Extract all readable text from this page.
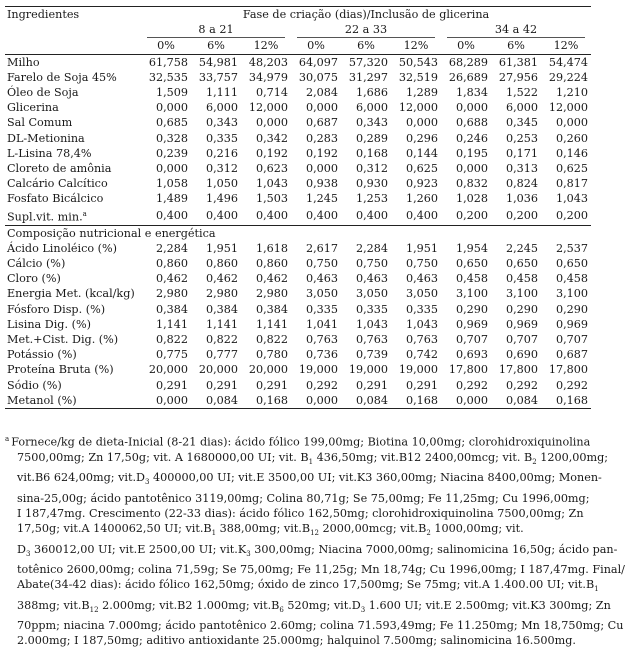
Ingredientes	Fase de criação (dias)/Inclusão de glicerina								

	8 a 21			22 a 33			34 a 42		

	0%	6%	12%	0%	6%	12%	0%	6%	12%
Milho	61,758	54,981	48,203	64,097	57,320	50,543	68,289	61,381	54,474
Farelo de Soja 45%	32,535	33,757	34,979	30,075	31,297	32,519	26,689	27,956	29,224
Óleo de Soja	1,509	1,111	0,714	2,084	1,686	1,289	1,834	1,522	1,210
Glicerina	0,000	6,000	12,000	0,000	6,000	12,000	0,000	6,000	12,000
Sal Comum	0,685	0,343	0,000	0,687	0,343	0,000	0,688	0,345	0,000
DL-Metionina	0,328	0,335	0,342	0,283	0,289	0,296	0,246	0,253	0,260
L-Lisina 78,4%	0,239	0,216	0,192	0,192	0,168	0,144	0,195	0,171	0,146
Cloreto de amônia	0,000	0,312	0,623	0,000	0,312	0,625	0,000	0,313	0,625
Calcário Calcítico	1,058	1,050	1,043	0,938	0,930	0,923	0,832	0,824	0,817
Fosfato Bicálcico	1,489	1,496	1,503	1,245	1,253	1,260	1,028	1,036	1,043
Supl.vit. min.$^a$	0,400	0,400	0,400	0,400	0,400	0,400	0,200	0,200	0,200
Composição nutricional e energética									
Ácido Linoléico (%)	2,284	1,951	1,618	2,617	2,284	1,951	1,954	2,245	2,537
Cálcio (%)	0,860	0,860	0,860	0,750	0,750	0,750	0,650	0,650	0,650
Cloro (%)	0,462	0,462	0,462	0,463	0,463	0,463	0,458	0,458	0,458
Energia Met. (kcal/kg)	2,980	2,980	2,980	3,050	3,050	3,050	3,100	3,100	3,100
Fósforo Disp. (%)	0,384	0,384	0,384	0,335	0,335	0,335	0,290	0,290	0,290
Lisina Dig. (%)	1,141	1,141	1,141	1,041	1,043	1,043	0,969	0,969	0,969
Met.+Cist. Dig. (%)	0,822	0,822	0,822	0,763	0,763	0,763	0,707	0,707	0,707
Potássio (%)	0,775	0,777	0,780	0,736	0,739	0,742	0,693	0,690	0,687
Proteína Bruta (%)	20,000	20,000	20,000	19,000	19,000	19,000	17,800	17,800	17,800
Sódio (%)	0,291	0,291	0,291	0,292	0,291	0,291	0,292	0,292	0,292
Metanol (%)	0,000	0,084	0,168	0,000	0,084	0,168	0,000	0,084	0,168
$^a$ Fornece/kg de dieta-Inicial (8-21 dias): ácido fólico 199,00mg; Biotina 10,00mg; clorohidroxiquinolina
7500,00mg; Zn 17,50g; vit. A 1680000,00 UI; vit. $B_1$ 436,50mg; vit.B12 2400,00mcg; vit. $B_2$ 1200,00mg;
vit.B6 624,00mg; $vit.D_3$ 400000,00 UI; vit.E 3500,00 UI; vit.K3 360,00mg; Niacina 8400,00mg; Monen-
sina-25,00g; ácido pantotênico 3119,00mg; Colina 80,71g; Se 75,00mg; Fe 11,25mg; Cu 1996,00mg;
I 187,47mg. Crescimento (22-33 dias): ácido fólico 162,50mg; clorohidroxiquinolina 7500,00mg; Zn
17,50g; vit.A 1400062,50 UI; $vit.B_1$ 388,00mg; $vit.B_{12}$ 2000,00mcg; $vit.B_2$ 1000,00mg; vit.
$D_3$ 360012,00 UI; vit.E 2500,00 UI; $vit.K_3$ 300,00mg; Niacina 7000,00mg; salinomicina 16,50g; ácido pan-
totênico 2600,00mg; colina 71,59g; Se 75,00mg; Fe 11,25g; Mn 18,74g; Cu 1996,00mg; I 187,47mg. Final/
Abate(34-42 dias): ácido fólico 162,50mg; óxido de zinco 17,500mg; Se 75mg; vit.A 1.400.00 UI; $vit.B_1$
388mg; $vit.B_{12}$ 2.000mg; vit.B2 1.000mg; $vit.B_6$ 520mg; $vit.D_3$ 1.600 UI; vit.E 2.500mg; vit.K3 300mg; Zn
70ppm; niacina 7.000mg; ácido pantotênico 2.60mg; colina 71.593,49mg; Fe 11.250mg; Mn 18,750mg; Cu
2.000mg; I 187,50mg; aditivo antioxidante 25.000mg; halquinol 7.500mg; salinomicina 16.500mg.
